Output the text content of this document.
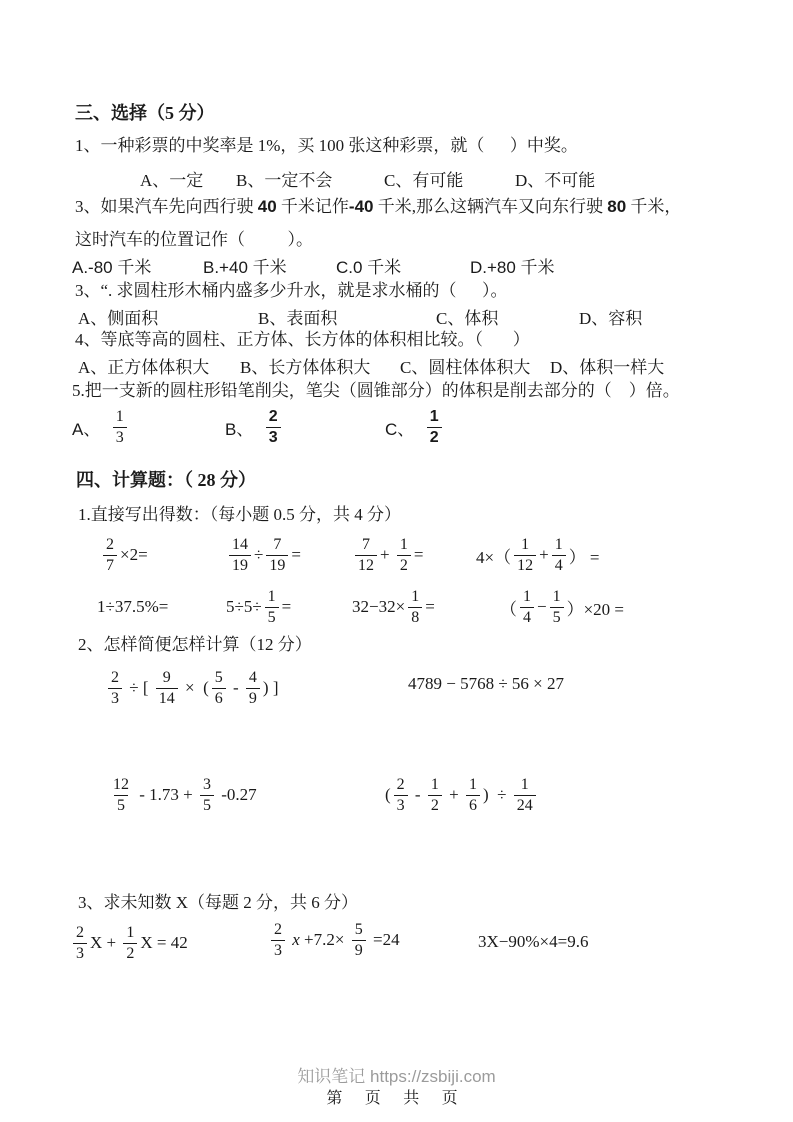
三、选择（5 分）
1、一种彩票的中奖率是 1%，买 100 张这种彩票，就（      ）中奖。
A、一定 B、一定不会	C、有可能	D、不可能
3、如果汽车先向西行驶 40 千米记作-40 千米,那么这辆汽车又向东行驶 80 千米，
这时汽车的位置记作（          ）。
A.-80 千米	B.+40 千米	C.0 千米	D.+80 千米
3、“. 求圆柱形木桶内盛多少升水，就是求水桶的（      ）。
A、侧面积	B、表面积	C、体积	D、容积
4、等底等高的圆柱、正方体、长方体的体积相比较。（       ）
A、正方体体积大 B、长方体体积大 C、圆柱体体积大 D、体积一样大
5.把一支新的圆柱形铅笔削尖，笔尖（圆锥部分）的体积是削去部分的（    ）倍。
A、 $\frac{1}{3}$	B、 $\frac{2}{3}$	C、 $\frac{1}{2}$
四、计算题：（ 28 分）
1.直接写出得数：（每小题 0.5 分，共 4 分）
$\frac{2}{7} \times 2=$	$\frac{14}{19} \div \frac{7}{19}$ =	$\frac{7}{12} + \frac{1}{2}$ =	$4\times( \frac{1}{12} + \frac{1}{4}$ ） =
1÷37.5%=	$5\div 5\div \frac{1}{5}$ =	$32-32\times \frac{1}{8}$ =	（ $\frac{1}{4} - \frac{1}{5} )\times 20$ =
2、怎样简便怎样计算（12 分）
$\frac{2}{3}$ ÷ [ $\frac{9}{14}$ ×  ( $\frac{5}{6} - \frac{4}{9}$ ) ]	4789 − 5768 ÷ 56 × 27
$\frac{12}{5} - 1.73 + \frac{3}{5} -0.27$	( $\frac{2}{3} - \frac{1}{2} + \frac{1}{6}$ )  ÷ $\frac{1}{24}$
3、求未知数 X（每题 2 分，共 6 分）
$\frac{2}{3}$ $X + \frac{1}{2}$ X = 42	$\frac{2}{3}$ $x +7.2\times \frac{5}{9} =24$	3X−90%×4=9.6
知识笔记 https://zsbiji.com
第 页 共 页
